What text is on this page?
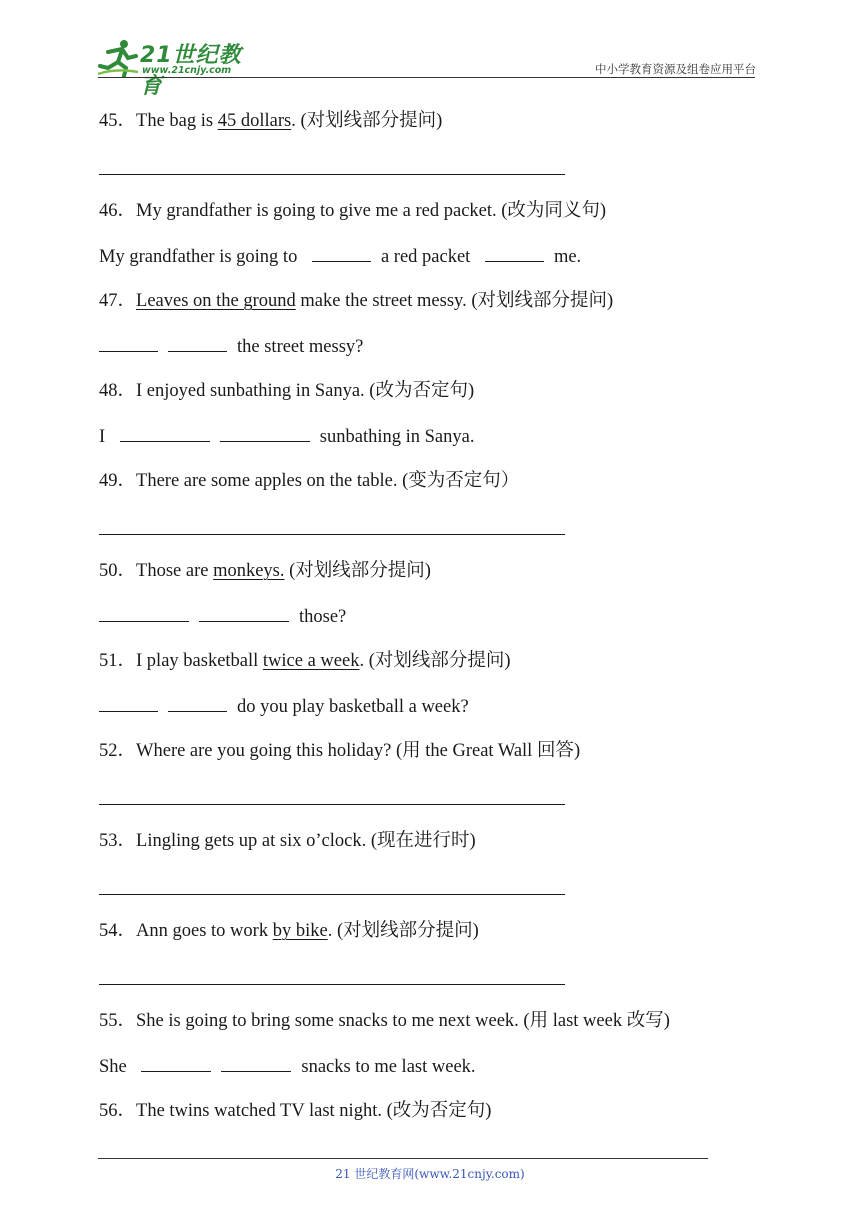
21世纪教育
www.21cnjy.com	中小学教育资源及组卷应用平台
45．The bag is 45 dollars. (对划线部分提问)
46．My grandfather is going to give me a red packet. (改为同义句)
My grandfather is going to	a red packet	me.
47．Leaves on the ground make the street messy. (对划线部分提问)
the street messy?
48．I enjoyed sunbathing in Sanya. (改为否定句)
I	sunbathing in Sanya.
49．There are some apples on the table. (变为否定句）
50．Those are monkeys. (对划线部分提问)
those?
51．I play basketball twice a week. (对划线部分提问)
do you play basketball a week?
52．Where are you going this holiday? (用 the Great Wall 回答)
53．Lingling gets up at six o’clock. (现在进行时)
54．Ann goes to work by bike. (对划线部分提问)
55．She is going to bring some snacks to me next week. (用 last week 改写)
She	snacks to me last week.
56．The twins watched TV last night. (改为否定句)
21 世纪教育网(www.21cnjy.com)
